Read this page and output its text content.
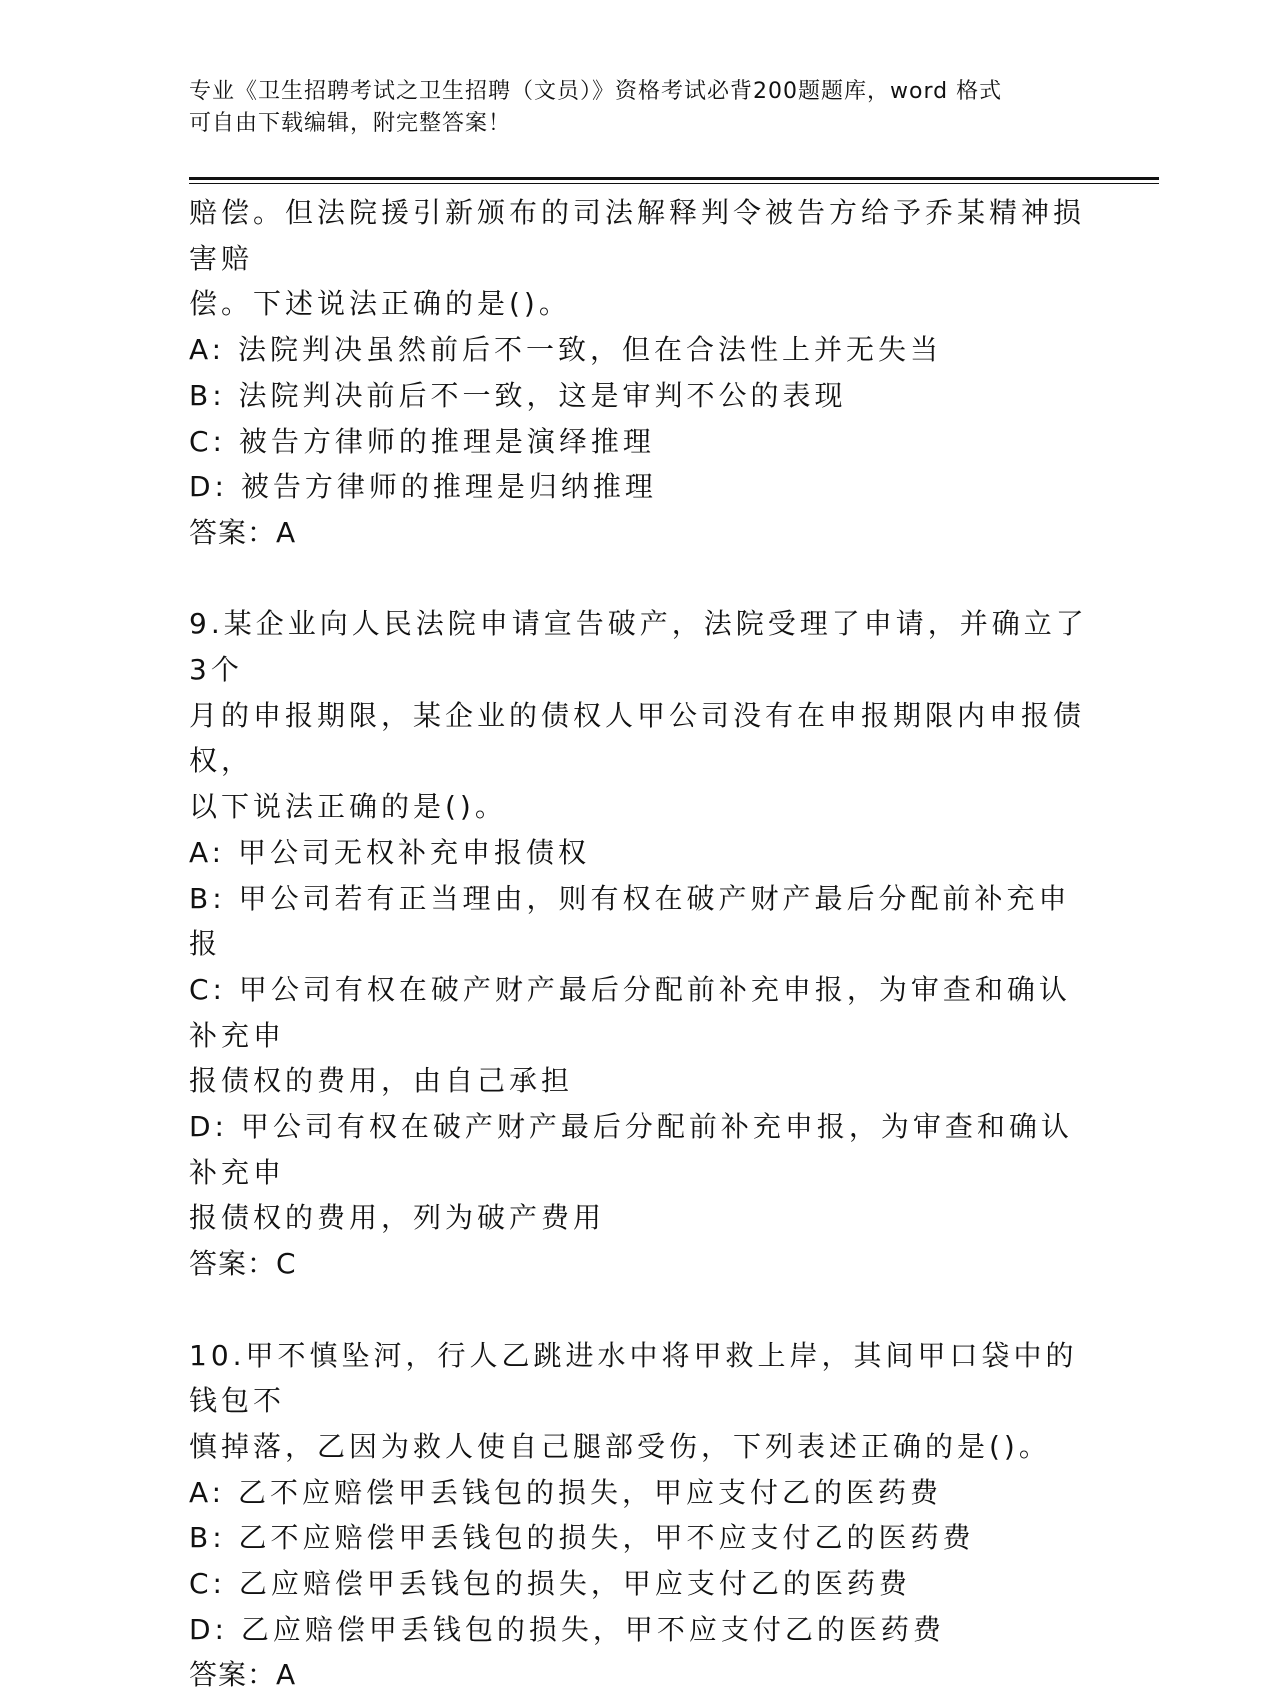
专业《卫生招聘考试之卫生招聘（文员）》资格考试必背200题题库，word 格式
可自由下载编辑，附完整答案！

赔偿。但法院援引新颁布的司法解释判令被告方给予乔某精神损害赔

偿。下述说法正确的是()。

A: 法院判决虽然前后不一致，但在合法性上并无失当

B: 法院判决前后不一致，这是审判不公的表现

C: 被告方律师的推理是演绎推理

D: 被告方律师的推理是归纳推理

答案：A

9.某企业向人民法院申请宣告破产，法院受理了申请，并确立了3个

月的申报期限，某企业的债权人甲公司没有在申报期限内申报债权，

以下说法正确的是()。

A: 甲公司无权补充申报债权

B: 甲公司若有正当理由，则有权在破产财产最后分配前补充申报

C: 甲公司有权在破产财产最后分配前补充申报，为审查和确认补充申

报债权的费用，由自己承担

D: 甲公司有权在破产财产最后分配前补充申报，为审查和确认补充申

报债权的费用，列为破产费用

答案：C

10.甲不慎坠河，行人乙跳进水中将甲救上岸，其间甲口袋中的钱包不

慎掉落，乙因为救人使自己腿部受伤，下列表述正确的是()。

A: 乙不应赔偿甲丢钱包的损失，甲应支付乙的医药费

B: 乙不应赔偿甲丢钱包的损失，甲不应支付乙的医药费

C: 乙应赔偿甲丢钱包的损失，甲应支付乙的医药费

D: 乙应赔偿甲丢钱包的损失，甲不应支付乙的医药费

答案：A
